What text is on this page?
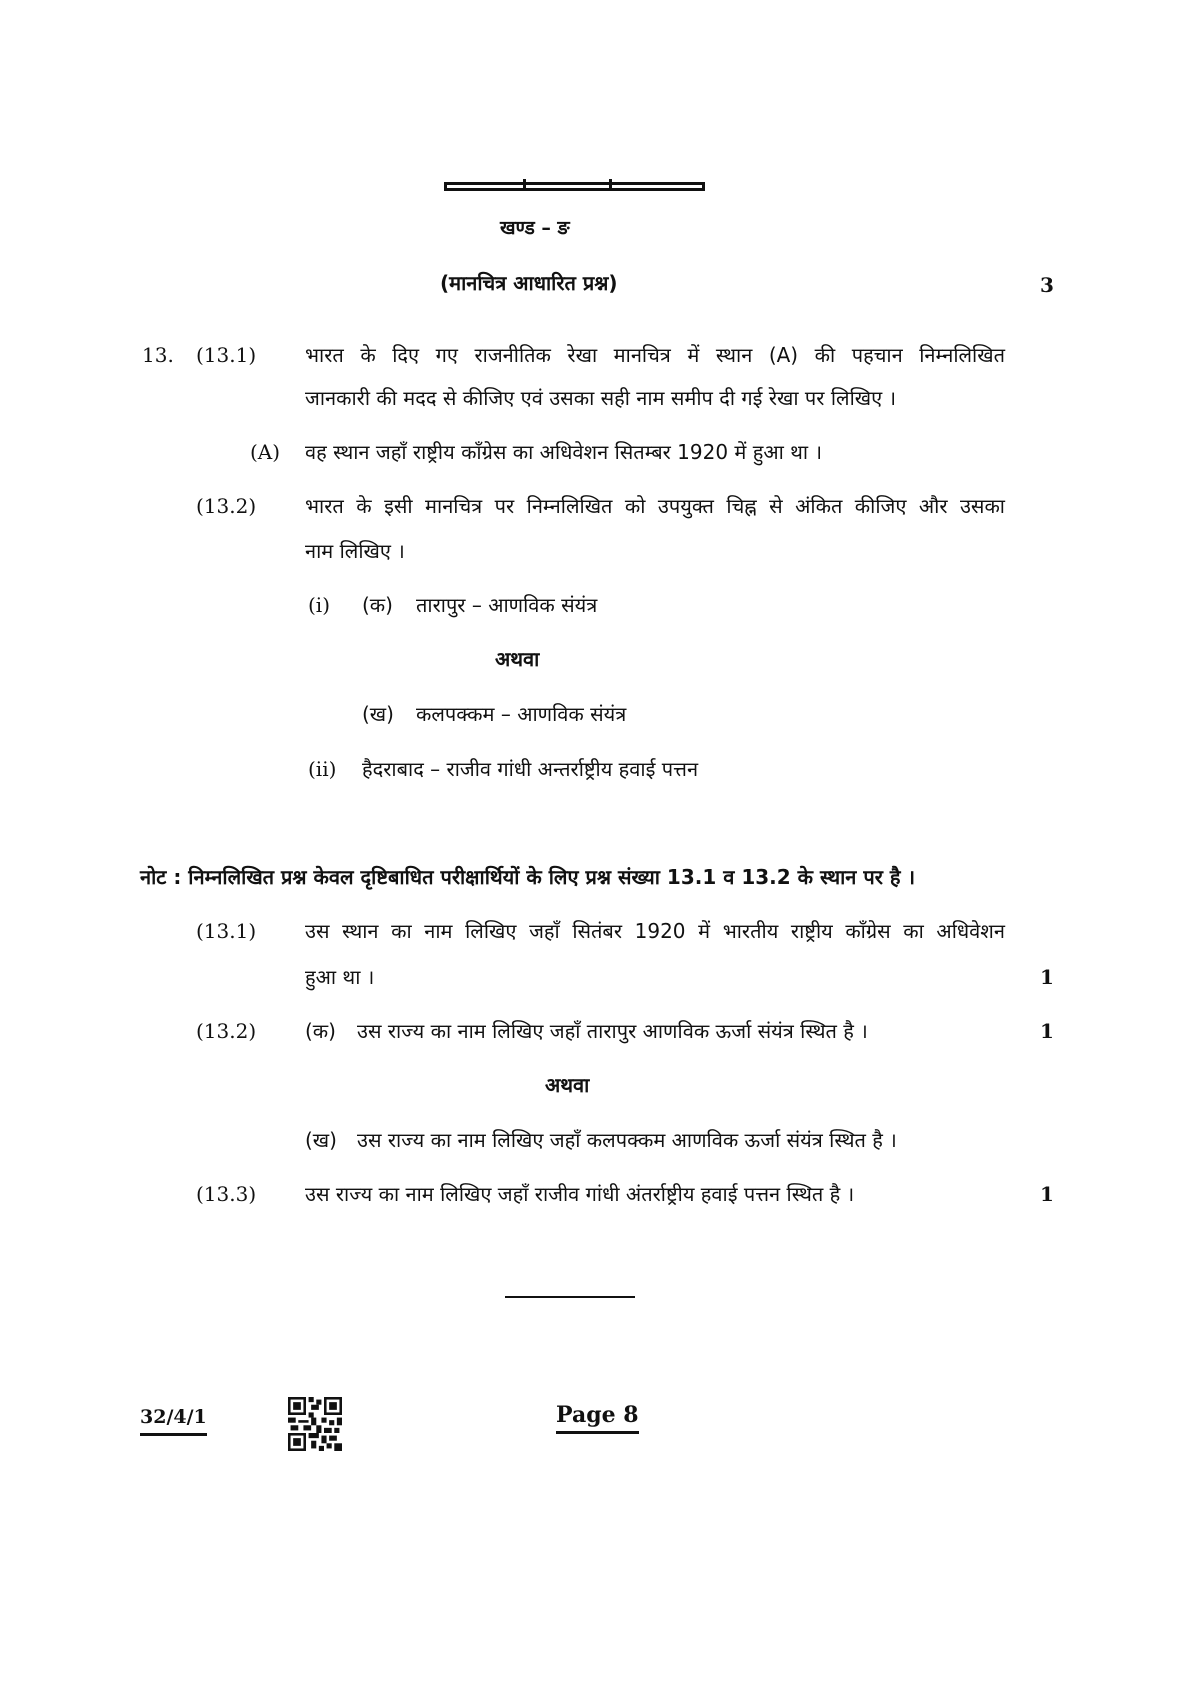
खण्ड – ङ
(मानचित्र आधारित प्रश्न)	3
13. (13.1) भारत के दिए गए राजनीतिक रेखा मानचित्र में स्थान (A) की पहचान निम्नलिखित
जानकारी की मदद से कीजिए एवं उसका सही नाम समीप दी गई रेखा पर लिखिए ।
(A) वह स्थान जहाँ राष्ट्रीय काँग्रेस का अधिवेशन सितम्बर 1920 में हुआ था ।
(13.2) भारत के इसी मानचित्र पर निम्नलिखित को उपयुक्त चिह्न से अंकित कीजिए और उसका
नाम लिखिए ।
(i) (क) तारापुर – आणविक संयंत्र
अथवा
(ख) कलपक्कम – आणविक संयंत्र
(ii) हैदराबाद – राजीव गांधी अन्तर्राष्ट्रीय हवाई पत्तन
नोट : निम्नलिखित प्रश्न केवल दृष्टिबाधित परीक्षार्थियों के लिए प्रश्न संख्या 13.1 व 13.2 के स्थान पर है ।
(13.1) उस स्थान का नाम लिखिए जहाँ सितंबर 1920 में भारतीय राष्ट्रीय काँग्रेस का अधिवेशन
हुआ था ।	1
(13.2) (क) उस राज्य का नाम लिखिए जहाँ तारापुर आणविक ऊर्जा संयंत्र स्थित है ।	1
अथवा
(ख) उस राज्य का नाम लिखिए जहाँ कलपक्कम आणविक ऊर्जा संयंत्र स्थित है ।
(13.3) उस राज्य का नाम लिखिए जहाँ राजीव गांधी अंतर्राष्ट्रीय हवाई पत्तन स्थित है ।	1
32/4/1	Page 8
